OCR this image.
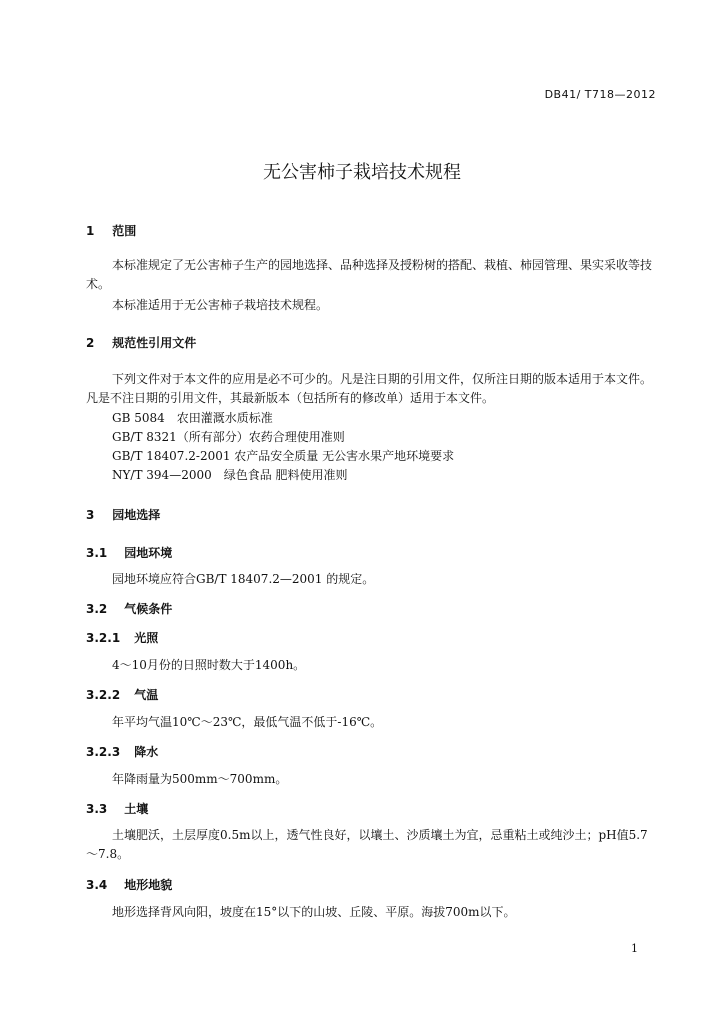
DB41/ T718—2012
无公害柿子栽培技术规程
1 范围
本标准规定了无公害柿子生产的园地选择、品种选择及授粉树的搭配、栽植、柿园管理、果实采收等技术。
本标准适用于无公害柿子栽培技术规程。
2 规范性引用文件
下列文件对于本文件的应用是必不可少的。凡是注日期的引用文件，仅所注日期的版本适用于本文件。凡是不注日期的引用文件，其最新版本（包括所有的修改单）适用于本文件。
GB 5084　农田灌溉水质标准
GB/T 8321（所有部分）农药合理使用准则
GB/T 18407.2-2001 农产品安全质量 无公害水果产地环境要求
NY/T 394—2000　绿色食品 肥料使用准则
3 园地选择
3.1 园地环境
园地环境应符合GB/T 18407.2—2001 的规定。
3.2 气候条件
3.2.1 光照
4～10月份的日照时数大于1400h。
3.2.2 气温
年平均气温10℃～23℃，最低气温不低于-16℃。
3.2.3 降水
年降雨量为500mm～700mm。
3.3 土壤
土壤肥沃，土层厚度0.5m以上，透气性良好，以壤土、沙质壤土为宜，忌重粘土或纯沙土；pH值5.7～7.8。
3.4 地形地貌
地形选择背风向阳，坡度在15°以下的山坡、丘陵、平原。海拔700m以下。
1
